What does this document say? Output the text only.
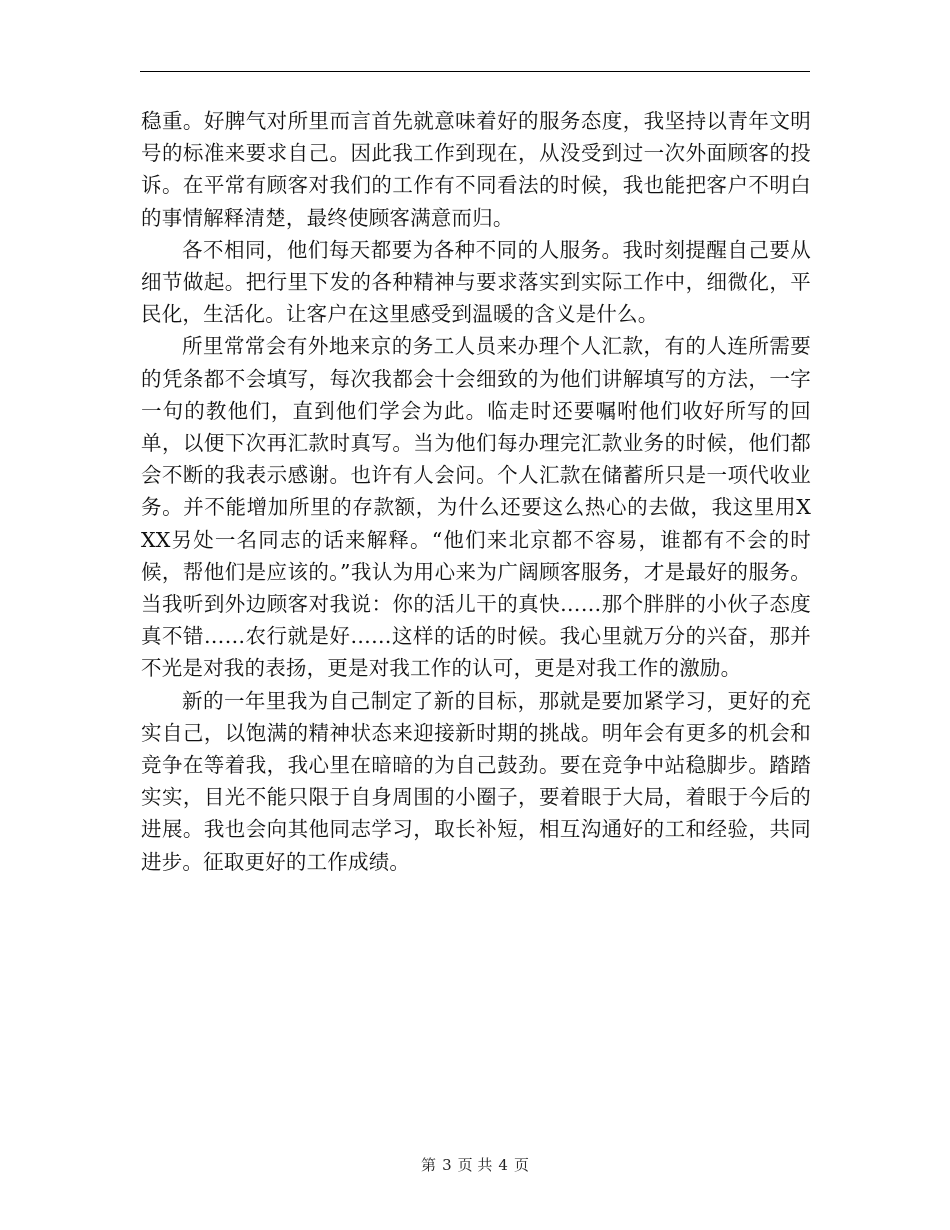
稳重。好脾气对所里而言首先就意味着好的服务态度，我坚持以青年文明号的标准来要求自己。因此我工作到现在，从没受到过一次外面顾客的投诉。在平常有顾客对我们的工作有不同看法的时候，我也能把客户不明白的事情解释清楚，最终使顾客满意而归。

各不相同，他们每天都要为各种不同的人服务。我时刻提醒自己要从细节做起。把行里下发的各种精神与要求落实到实际工作中，细微化，平民化，生活化。让客户在这里感受到温暖的含义是什么。

所里常常会有外地来京的务工人员来办理个人汇款，有的人连所需要的凭条都不会填写，每次我都会十会细致的为他们讲解填写的方法，一字一句的教他们，直到他们学会为此。临走时还要嘱咐他们收好所写的回单，以便下次再汇款时真写。当为他们每办理完汇款业务的时候，他们都会不断的我表示感谢。也许有人会问。个人汇款在储蓄所只是一项代收业务。并不能增加所里的存款额，为什么还要这么热心的去做，我这里用XXX另处一名同志的话来解释。“他们来北京都不容易，谁都有不会的时候，帮他们是应该的。”我认为用心来为广阔顾客服务，才是最好的服务。当我听到外边顾客对我说：你的活儿干的真快……那个胖胖的小伙子态度真不错……农行就是好……这样的话的时候。我心里就万分的兴奋，那并不光是对我的表扬，更是对我工作的认可，更是对我工作的激励。

新的一年里我为自己制定了新的目标，那就是要加紧学习，更好的充实自己，以饱满的精神状态来迎接新时期的挑战。明年会有更多的机会和竞争在等着我，我心里在暗暗的为自己鼓劲。要在竞争中站稳脚步。踏踏实实，目光不能只限于自身周围的小圈子，要着眼于大局，着眼于今后的进展。我也会向其他同志学习，取长补短，相互沟通好的工和经验，共同进步。征取更好的工作成绩。

第 3 页 共 4 页
